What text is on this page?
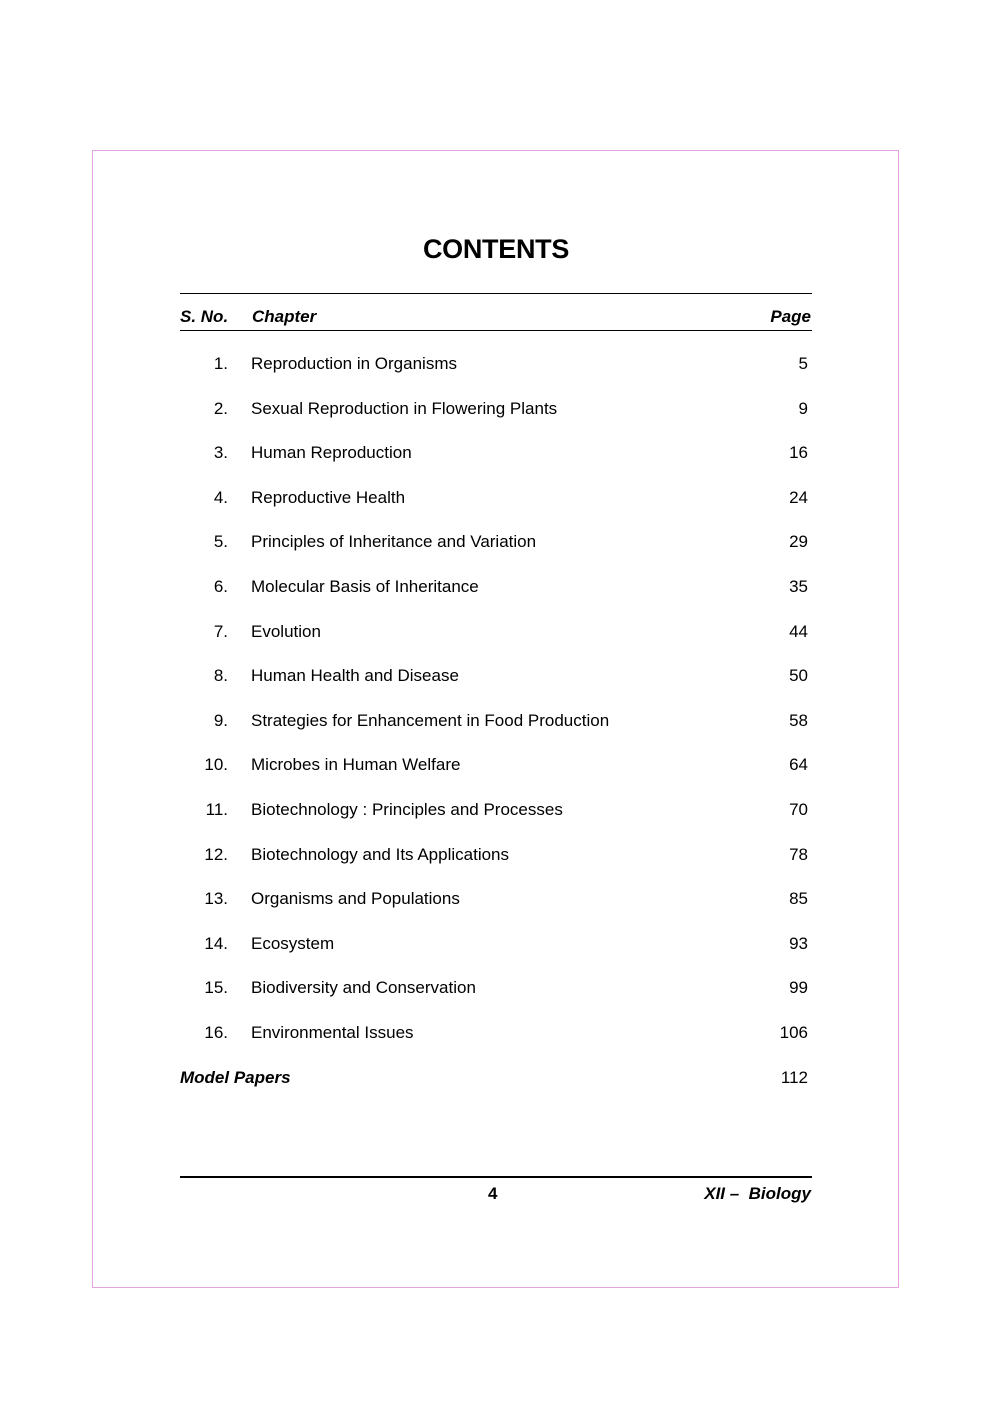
CONTENTS
S. No. Chapter	Page
1. Reproduction in Organisms	5
2. Sexual Reproduction in Flowering Plants	9
3. Human Reproduction	16
4. Reproductive Health	24
5. Principles of Inheritance and Variation	29
6. Molecular Basis of Inheritance	35
7. Evolution	44
8. Human Health and Disease	50
9. Strategies for Enhancement in Food Production	58
10. Microbes in Human Welfare	64
11. Biotechnology : Principles and Processes	70
12. Biotechnology and Its Applications	78
13. Organisms and Populations	85
14. Ecosystem	93
15. Biodiversity and Conservation	99
16. Environmental Issues	106
Model Papers	112
4	XII –  Biology
